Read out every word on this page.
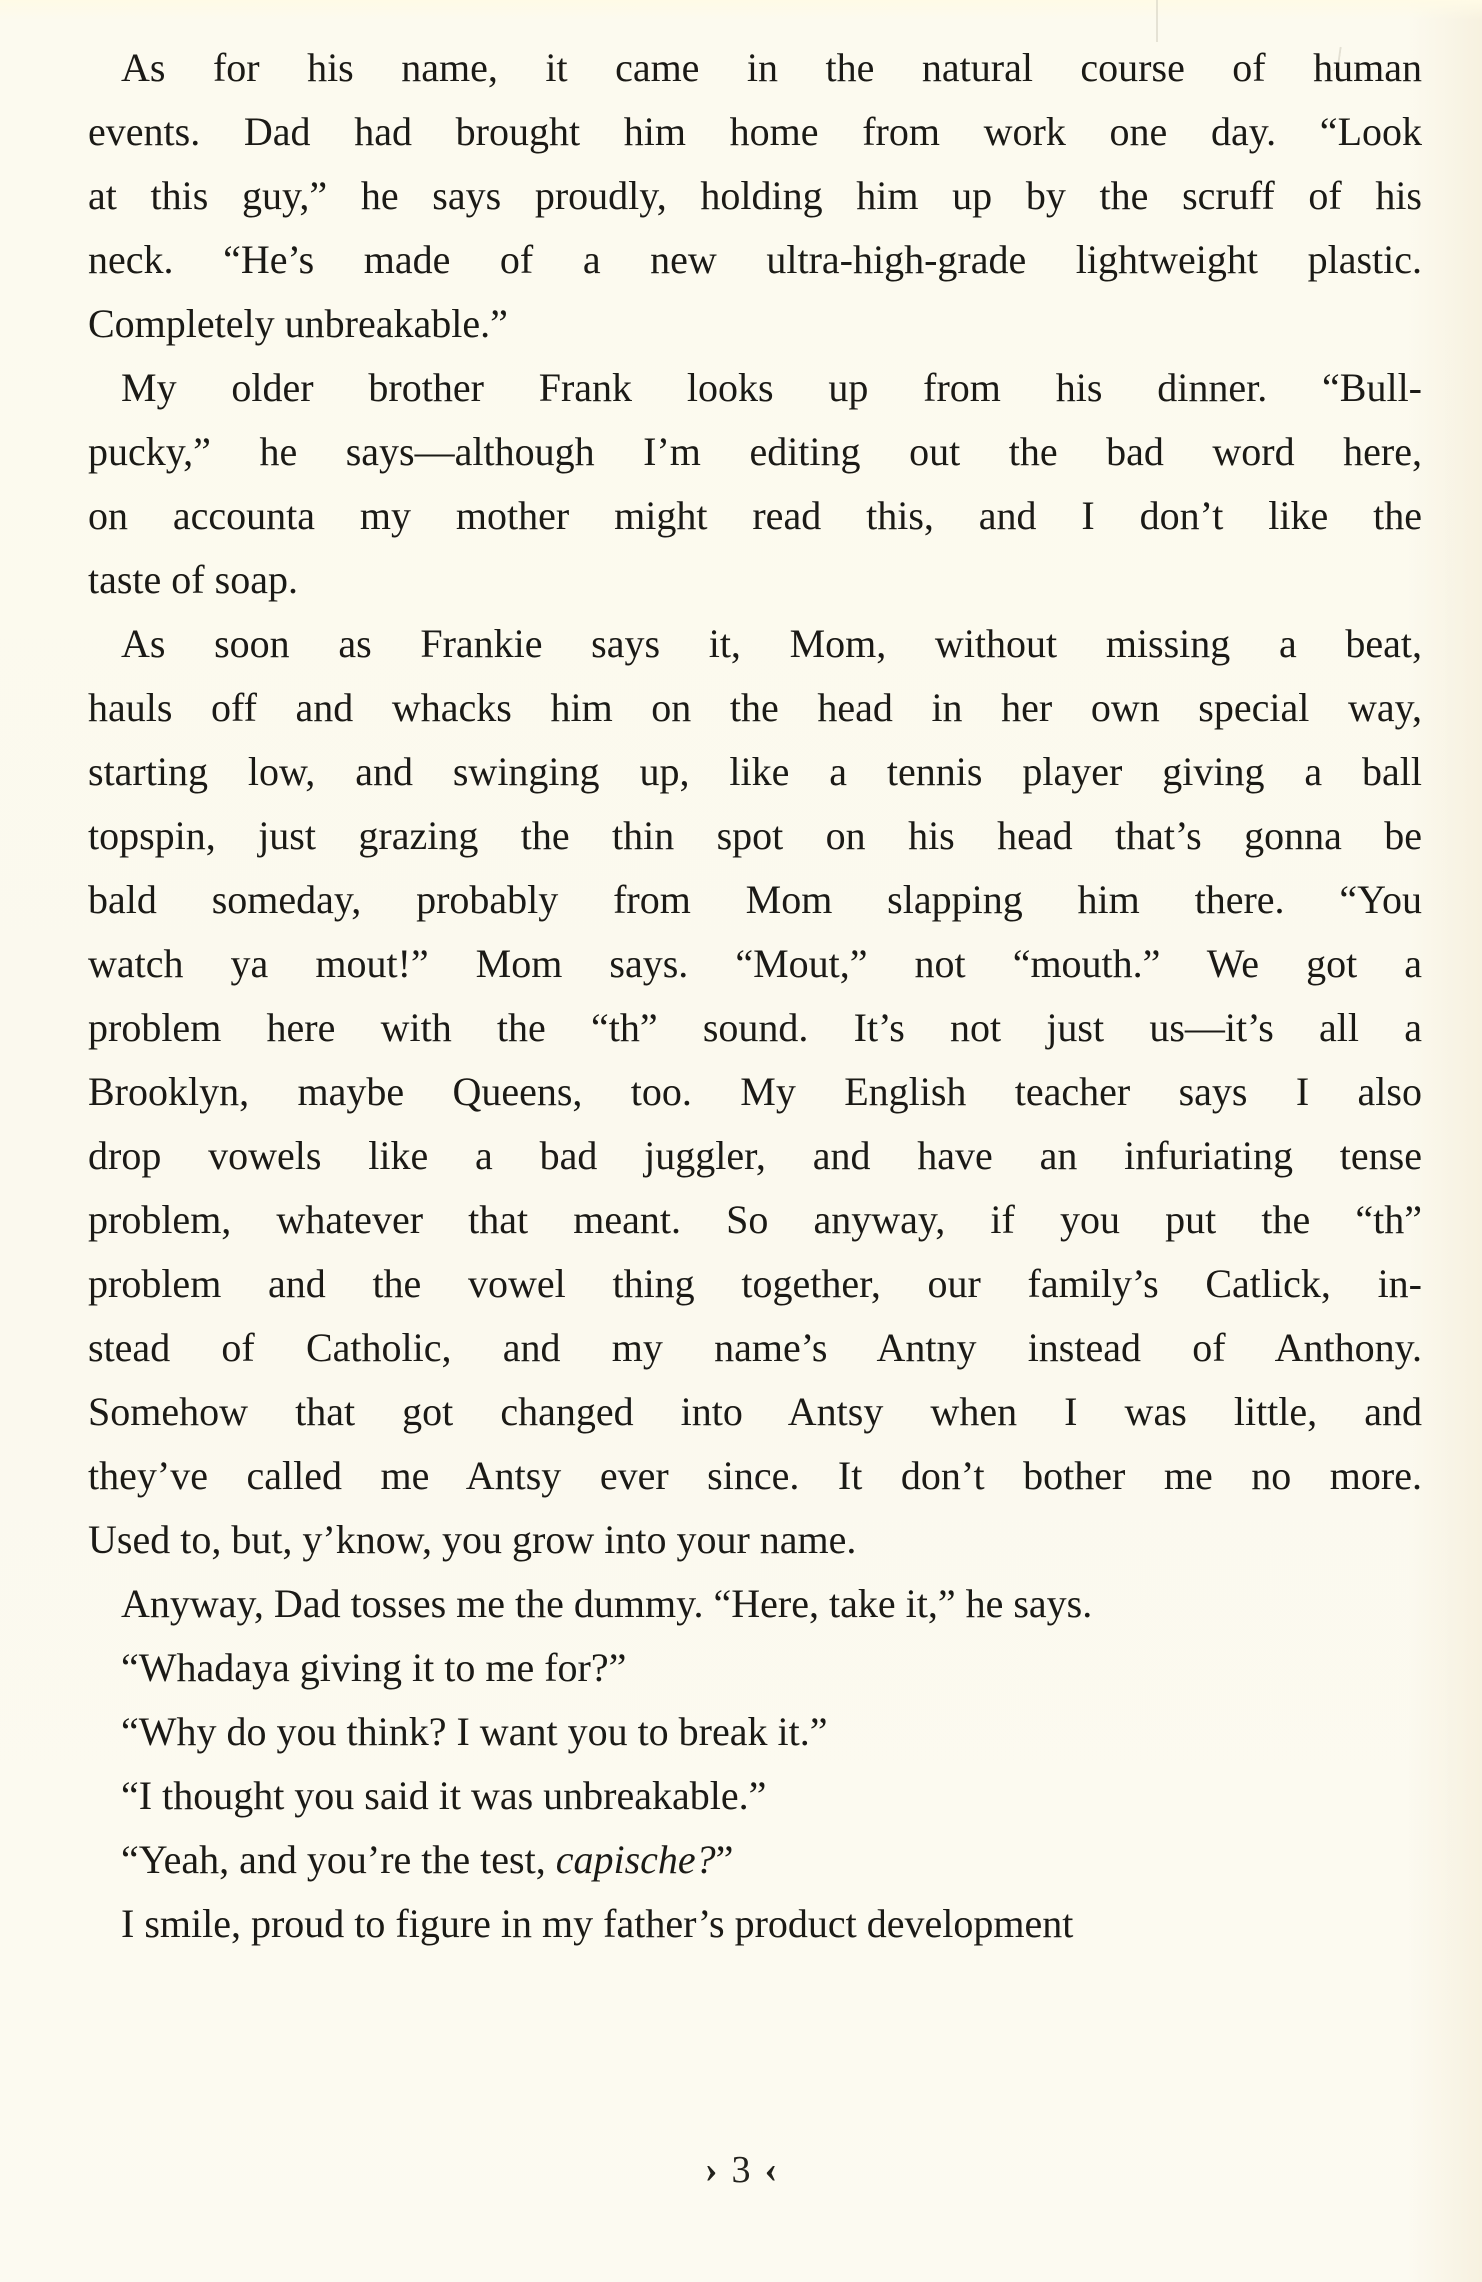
As for his name, it came in the natural course of human
events. Dad had brought him home from work one day. “Look
at this guy,” he says proudly, holding him up by the scruff of his
neck. “He’s made of a new ultra-high-grade lightweight plastic.
Completely unbreakable.”
My older brother Frank looks up from his dinner. “Bull-
pucky,” he says—although I’m editing out the bad word here,
on accounta my mother might read this, and I don’t like the
taste of soap.
As soon as Frankie says it, Mom, without missing a beat,
hauls off and whacks him on the head in her own special way,
starting low, and swinging up, like a tennis player giving a ball
topspin, just grazing the thin spot on his head that’s gonna be
bald someday, probably from Mom slapping him there. “You
watch ya mout!” Mom says. “Mout,” not “mouth.” We got a
problem here with the “th” sound. It’s not just us—it’s all a
Brooklyn, maybe Queens, too. My English teacher says I also
drop vowels like a bad juggler, and have an infuriating tense
problem, whatever that meant. So anyway, if you put the “th”
problem and the vowel thing together, our family’s Catlick, in-
stead of Catholic, and my name’s Antny instead of Anthony.
Somehow that got changed into Antsy when I was little, and
they’ve called me Antsy ever since. It don’t bother me no more.
Used to, but, y’know, you grow into your name.
Anyway, Dad tosses me the dummy. “Here, take it,” he says.
“Whadaya giving it to me for?”
“Why do you think? I want you to break it.”
“I thought you said it was unbreakable.”
“Yeah, and you’re the test, capische?”
I smile, proud to figure in my father’s product development
› 3 ‹
